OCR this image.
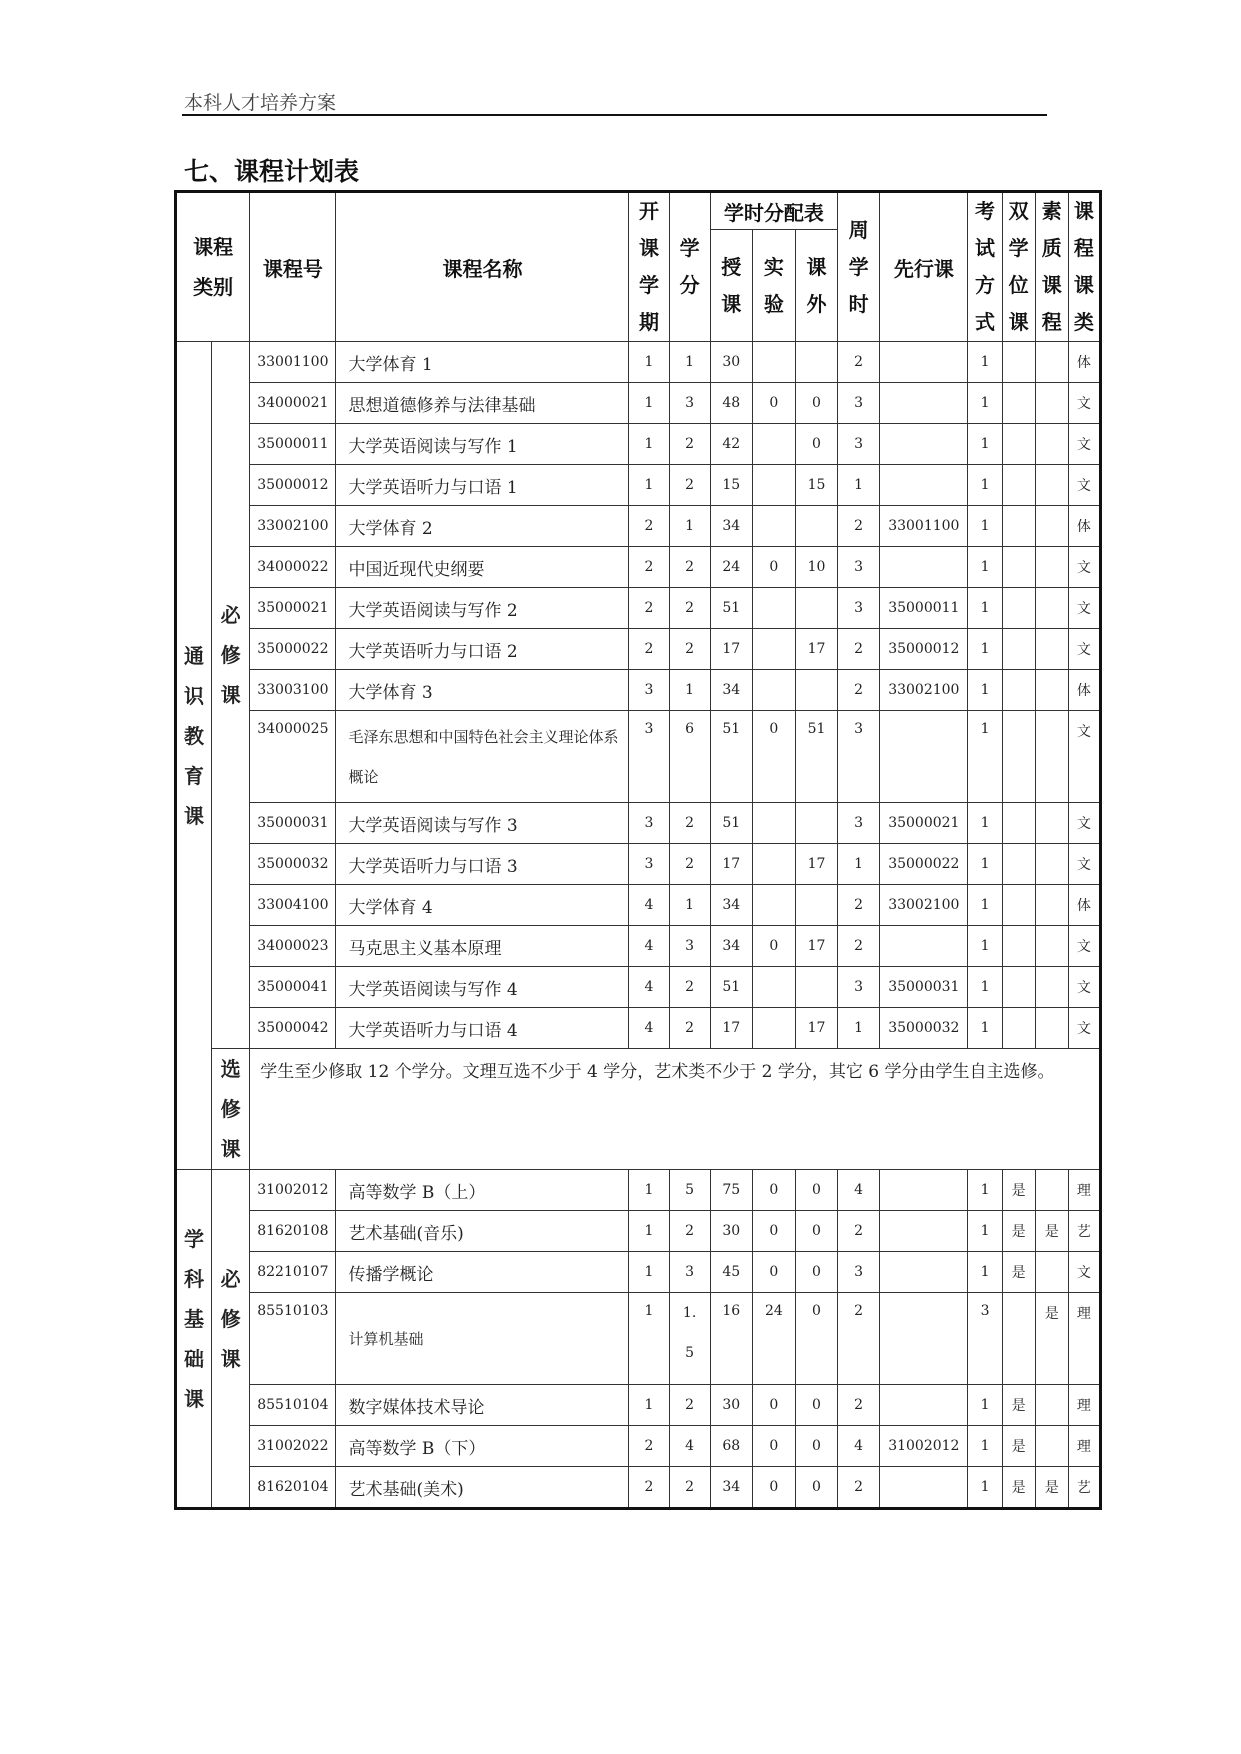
本科人才培养方案
七、课程计划表
课程类别		课程号	课程名称	开课学期	学分	学时分配表			周学时	先行课	考试方式	双学位课	素质课程	课程课类
						授课	实验	课外						

通识教育课	必修课	33001100	大学体育 1	1	1	30			2		1			体
		34000021	思想道德修养与法律基础	1	3	48	0	0	3		1			文
		35000011	大学英语阅读与写作 1	1	2	42		0	3		1			文
		35000012	大学英语听力与口语 1	1	2	15		15	1		1			文
		33002100	大学体育 2	2	1	34			2	33001100	1			体
		34000022	中国近现代史纲要	2	2	24	0	10	3		1			文
		35000021	大学英语阅读与写作 2	2	2	51			3	35000011	1			文
		35000022	大学英语听力与口语 2	2	2	17		17	2	35000012	1			文
		33003100	大学体育 3	3	1	34			2	33002100	1			体
		34000025	毛泽东思想和中国特色社会主义理论体系概论	3	6	51	0	51	3		1			文
		35000031	大学英语阅读与写作 3	3	2	51			3	35000021	1			文
		35000032	大学英语听力与口语 3	3	2	17		17	1	35000022	1			文
		33004100	大学体育 4	4	1	34			2	33002100	1			体
		34000023	马克思主义基本原理	4	3	34	0	17	2		1			文
		35000041	大学英语阅读与写作 4	4	2	51			3	35000031	1			文
		35000042	大学英语听力与口语 4	4	2	17		17	1	35000032	1			文
	选修课	学生至少修取 12 个学分。文理互选不少于 4 学分，艺术类不少于 2 学分，其它 6 学分由学生自主选修。												
学科基础课	必修课	31002012	高等数学 B（上）	1	5	75	0	0	4		1	是		理
		81620108	艺术基础(音乐)	1	2	30	0	0	2		1	是	是	艺
		82210107	传播学概论	1	3	45	0	0	3		1	是		文
		85510103	计算机基础	1	1.5	16	24	0	2		3		是	理
		85510104	数字媒体技术导论	1	2	30	0	0	2		1	是		理
		31002022	高等数学 B（下）	2	4	68	0	0	4	31002012	1	是		理
		81620104	艺术基础(美术)	2	2	34	0	0	2		1	是	是	艺
